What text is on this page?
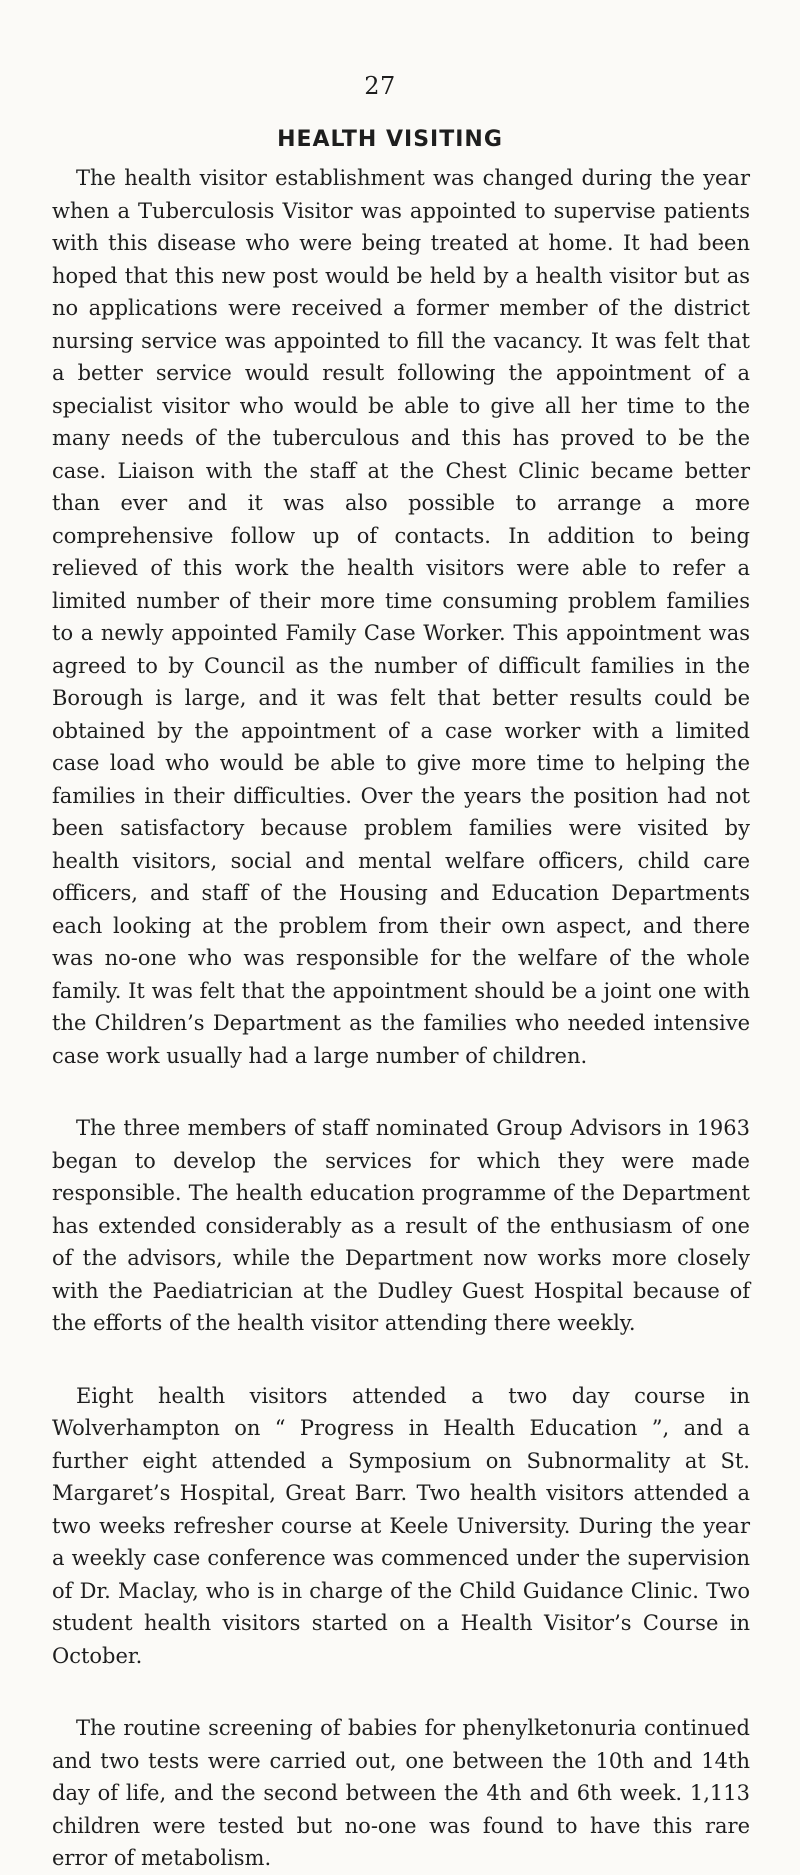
27
HEALTH VISITING

The health visitor establishment was changed during the year when a Tuberculosis Visitor was appointed to supervise patients with this disease who were being treated at home. It had been hoped that this new post would be held by a health visitor but as no applications were received a former member of the district nursing service was appointed to fill the vacancy. It was felt that a better service would result following the appointment of a specialist visitor who would be able to give all her time to the many needs of the tuberculous and this has proved to be the case. Liaison with the staff at the Chest Clinic became better than ever and it was also possible to arrange a more comprehensive follow up of contacts. In addition to being relieved of this work the health visitors were able to refer a limited number of their more time consuming problem families to a newly appointed Family Case Worker. This appointment was agreed to by Council as the number of difficult families in the Borough is large, and it was felt that better results could be obtained by the appointment of a case worker with a limited case load who would be able to give more time to helping the families in their difficulties. Over the years the position had not been satisfactory because problem families were visited by health visitors, social and mental welfare officers, child care officers, and staff of the Housing and Education Departments each looking at the problem from their own aspect, and there was no-one who was responsible for the welfare of the whole family. It was felt that the appointment should be a joint one with the Children’s Department as the families who needed intensive case work usually had a large number of children.

The three members of staff nominated Group Advisors in 1963 began to develop the services for which they were made responsible. The health education programme of the Department has extended considerably as a result of the enthusiasm of one of the advisors, while the Department now works more closely with the Paediatrician at the Dudley Guest Hospital because of the efforts of the health visitor attending there weekly.

Eight health visitors attended a two day course in Wolverhampton on “ Progress in Health Education ”, and a further eight attended a Symposium on Subnormality at St. Margaret’s Hospital, Great Barr. Two health visitors attended a two weeks refresher course at Keele University. During the year a weekly case conference was commenced under the supervision of Dr. Maclay, who is in charge of the Child Guidance Clinic. Two student health visitors started on a Health Visitor’s Course in October.

The routine screening of babies for phenylketonuria continued and two tests were carried out, one between the 10th and 14th day of life, and the second between the 4th and 6th week. 1,113 children were tested but no-one was found to have this rare error of metabolism.
